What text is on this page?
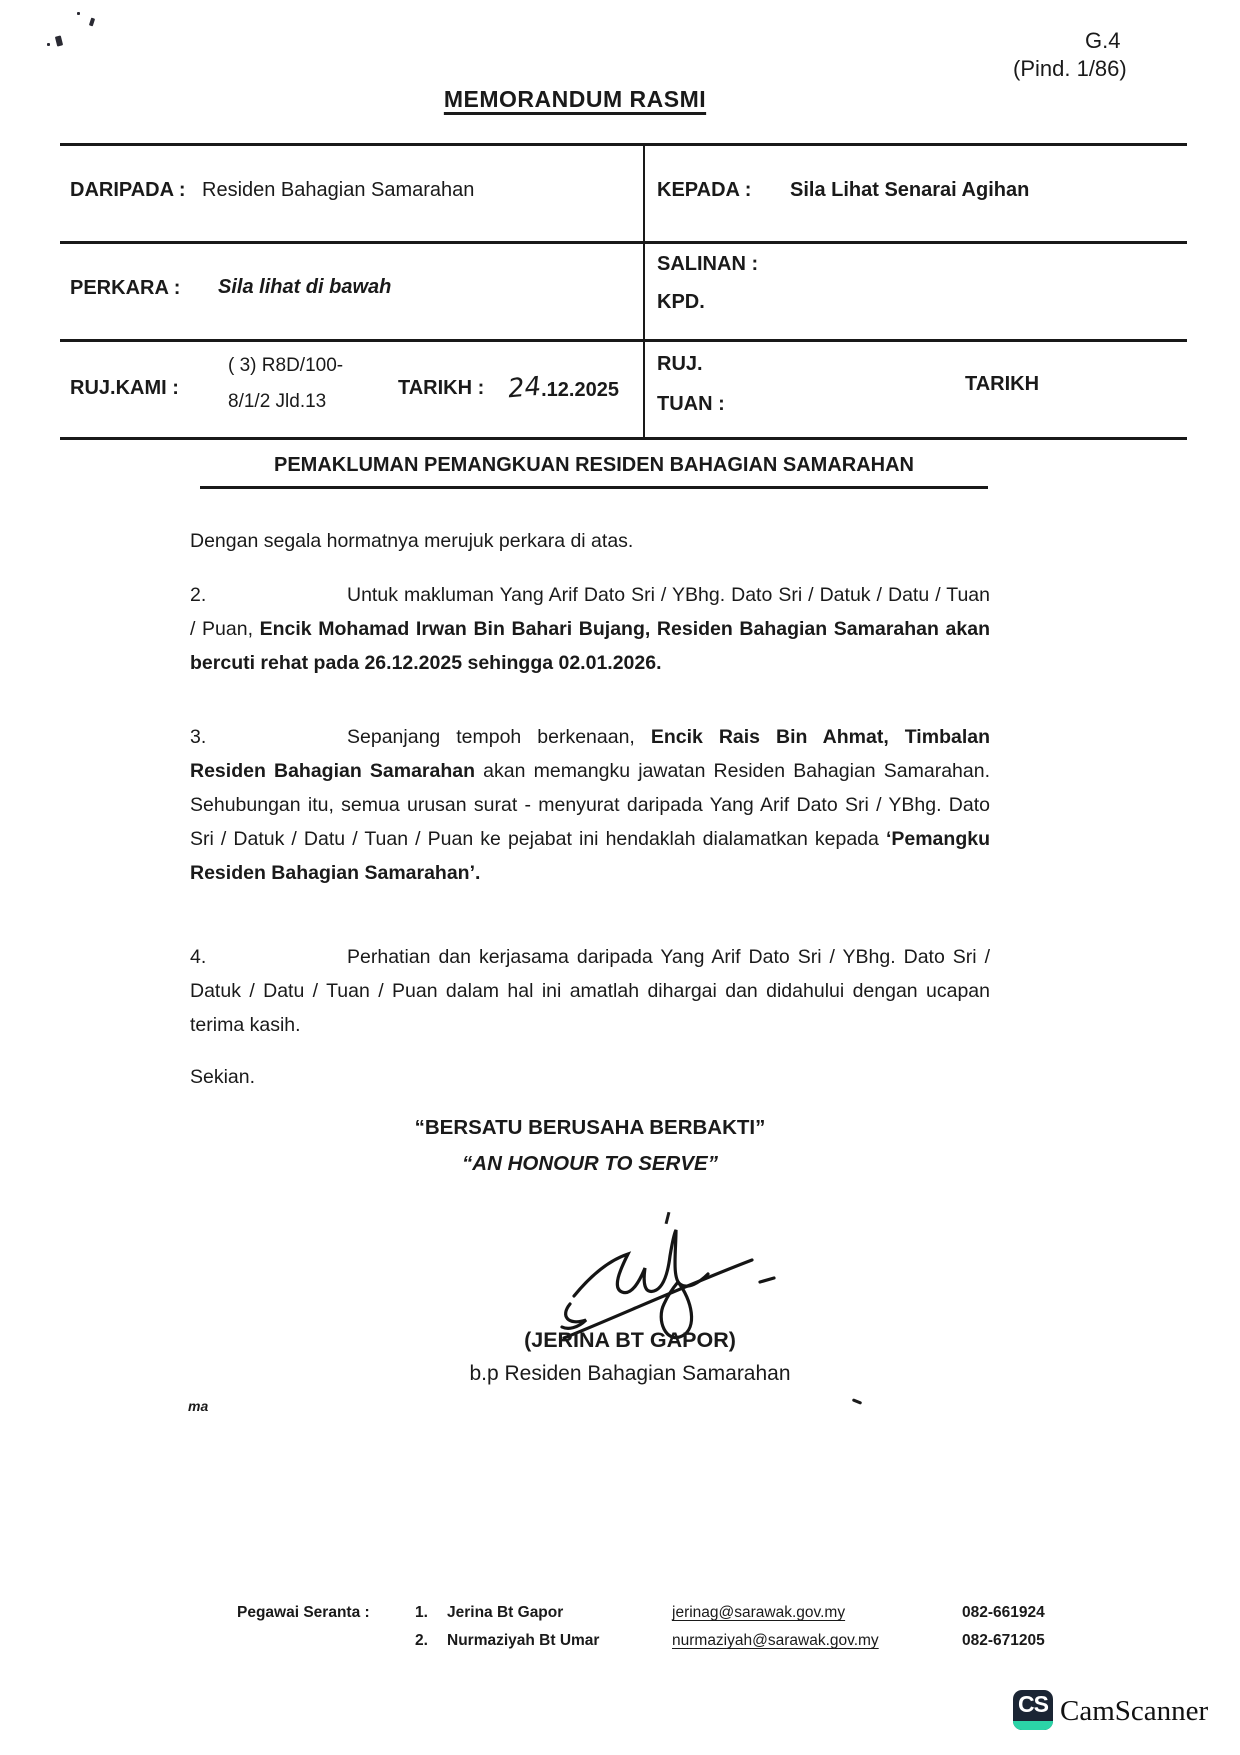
G.4
(Pind. 1/86)
MEMORANDUM RASMI
DARIPADA : Residen Bahagian Samarahan	KEPADA : Sila Lihat Senarai Agihan
PERKARA : Sila lihat di bawah
SALINAN :
KPD.
RUJ.KAMI :
( 3) R8D/100-
8/1/2 Jld.13
TARIKH : 24.12.2025
RUJ.
TUAN :
TARIKH
PEMAKLUMAN PEMANGKUAN RESIDEN BAHAGIAN SAMARAHAN

Dengan segala hormatnya merujuk perkara di atas.

2.	Untuk makluman Yang Arif Dato Sri / YBhg. Dato Sri / Datuk / Datu / Tuan / Puan, Encik Mohamad Irwan Bin Bahari Bujang, Residen Bahagian Samarahan akan bercuti rehat pada 26.12.2025 sehingga 02.01.2026.

3.	Sepanjang tempoh berkenaan, Encik Rais Bin Ahmat, Timbalan Residen Bahagian Samarahan akan memangku jawatan Residen Bahagian Samarahan. Sehubungan itu, semua urusan surat - menyurat daripada Yang Arif Dato Sri / YBhg. Dato Sri / Datuk / Datu / Tuan / Puan ke pejabat ini hendaklah dialamatkan kepada ‘Pemangku Residen Bahagian Samarahan’.

4.	Perhatian dan kerjasama daripada Yang Arif Dato Sri / YBhg. Dato Sri / Datuk / Datu / Tuan / Puan dalam hal ini amatlah dihargai dan didahului dengan ucapan terima kasih.

Sekian.

“BERSATU BERUSAHA BERBAKTI”
“AN HONOUR TO SERVE”
(JERINA BT GAPOR)
b.p Residen Bahagian Samarahan
ma
Pegawai Seranta :	1. Jerina Bt Gapor	jerinag@sarawak.gov.my	082-661924
2. Nurmaziyah Bt Umar	nurmaziyah@sarawak.gov.my	082-671205
CS CamScanner
